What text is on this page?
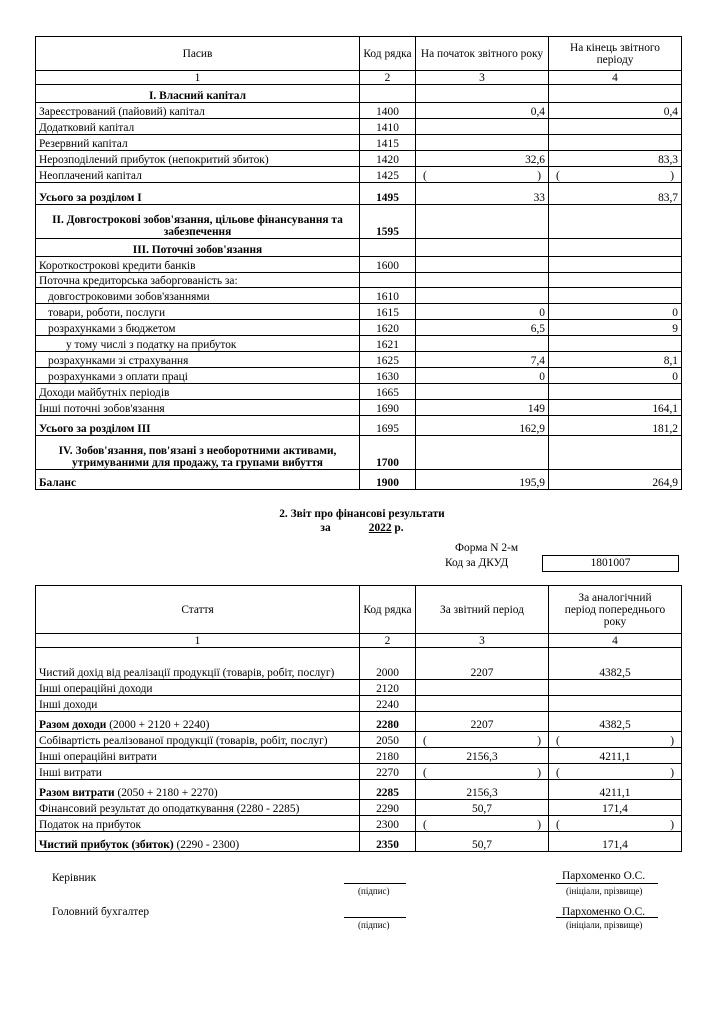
Пасив	Код рядка	На початок звітного року	На кінець звітного періоду
1	2	3	4
I. Власний капітал			
Зареєстрований (пайовий) капітал	1400	0,4	0,4
Додатковий капітал	1410		
Резервний капітал	1415		
Нерозподілений прибуток (непокритий збиток)	1420	32,6	83,3
Неоплачений капітал	1425	( )	( )

Усього за розділом I	1495	33	83,7
II. Довгострокові зобов'язання, цільове фінансування та забезпечення	1595		
III. Поточні зобов'язання			
Короткострокові кредити банків	1600		
Поточна кредиторська заборгованість за:			
довгостроковими зобов'язаннями	1610		
товари, роботи, послуги	1615	0	0
розрахунками з бюджетом	1620	6,5	9
у тому числі з податку на прибуток	1621		
розрахунками зі страхування	1625	7,4	8,1
розрахунками з оплати праці	1630	0	0
Доходи майбутніх періодів	1665		
Інші поточні зобов'язання	1690	149	164,1
Усього за розділом III	1695	162,9	181,2
IV. Зобов'язання, пов'язані з необоротними активами, утримуваними для продажу, та групами вибуття	1700		
Баланс	1900	195,9	264,9
2. Звіт про фінансові результати
за	2022 р.
Форма N 2-м
Код за ДКУД	1801007
Стаття	Код рядка	За звітний період	За аналогічний період попереднього року
1	2	3	4
Чистий дохід від реалізації продукції (товарів, робіт, послуг)	2000	2207	4382,5
Інші операційні доходи	2120		
Інші доходи	2240		
Разом доходи (2000 + 2120 + 2240)	2280	2207	4382,5
Собівартість реалізованої продукції (товарів, робіт, послуг)	2050	( )	( )

Інші операційні витрати	2180	2156,3	4211,1
Інші витрати	2270	( )	( )

Разом витрати (2050 + 2180 + 2270)	2285	2156,3	4211,1
Фінансовий результат до оподаткування (2280 - 2285)	2290	50,7	171,4
Податок на прибуток	2300	( )	( )

Чистий прибуток (збиток) (2290 - 2300)	2350	50,7	171,4
Керівник
(підпис)
Пархоменко О.С.
(ініціали, прізвище)
Головний бухгалтер
(підпис)
Пархоменко О.С.
(ініціали, прізвище)
